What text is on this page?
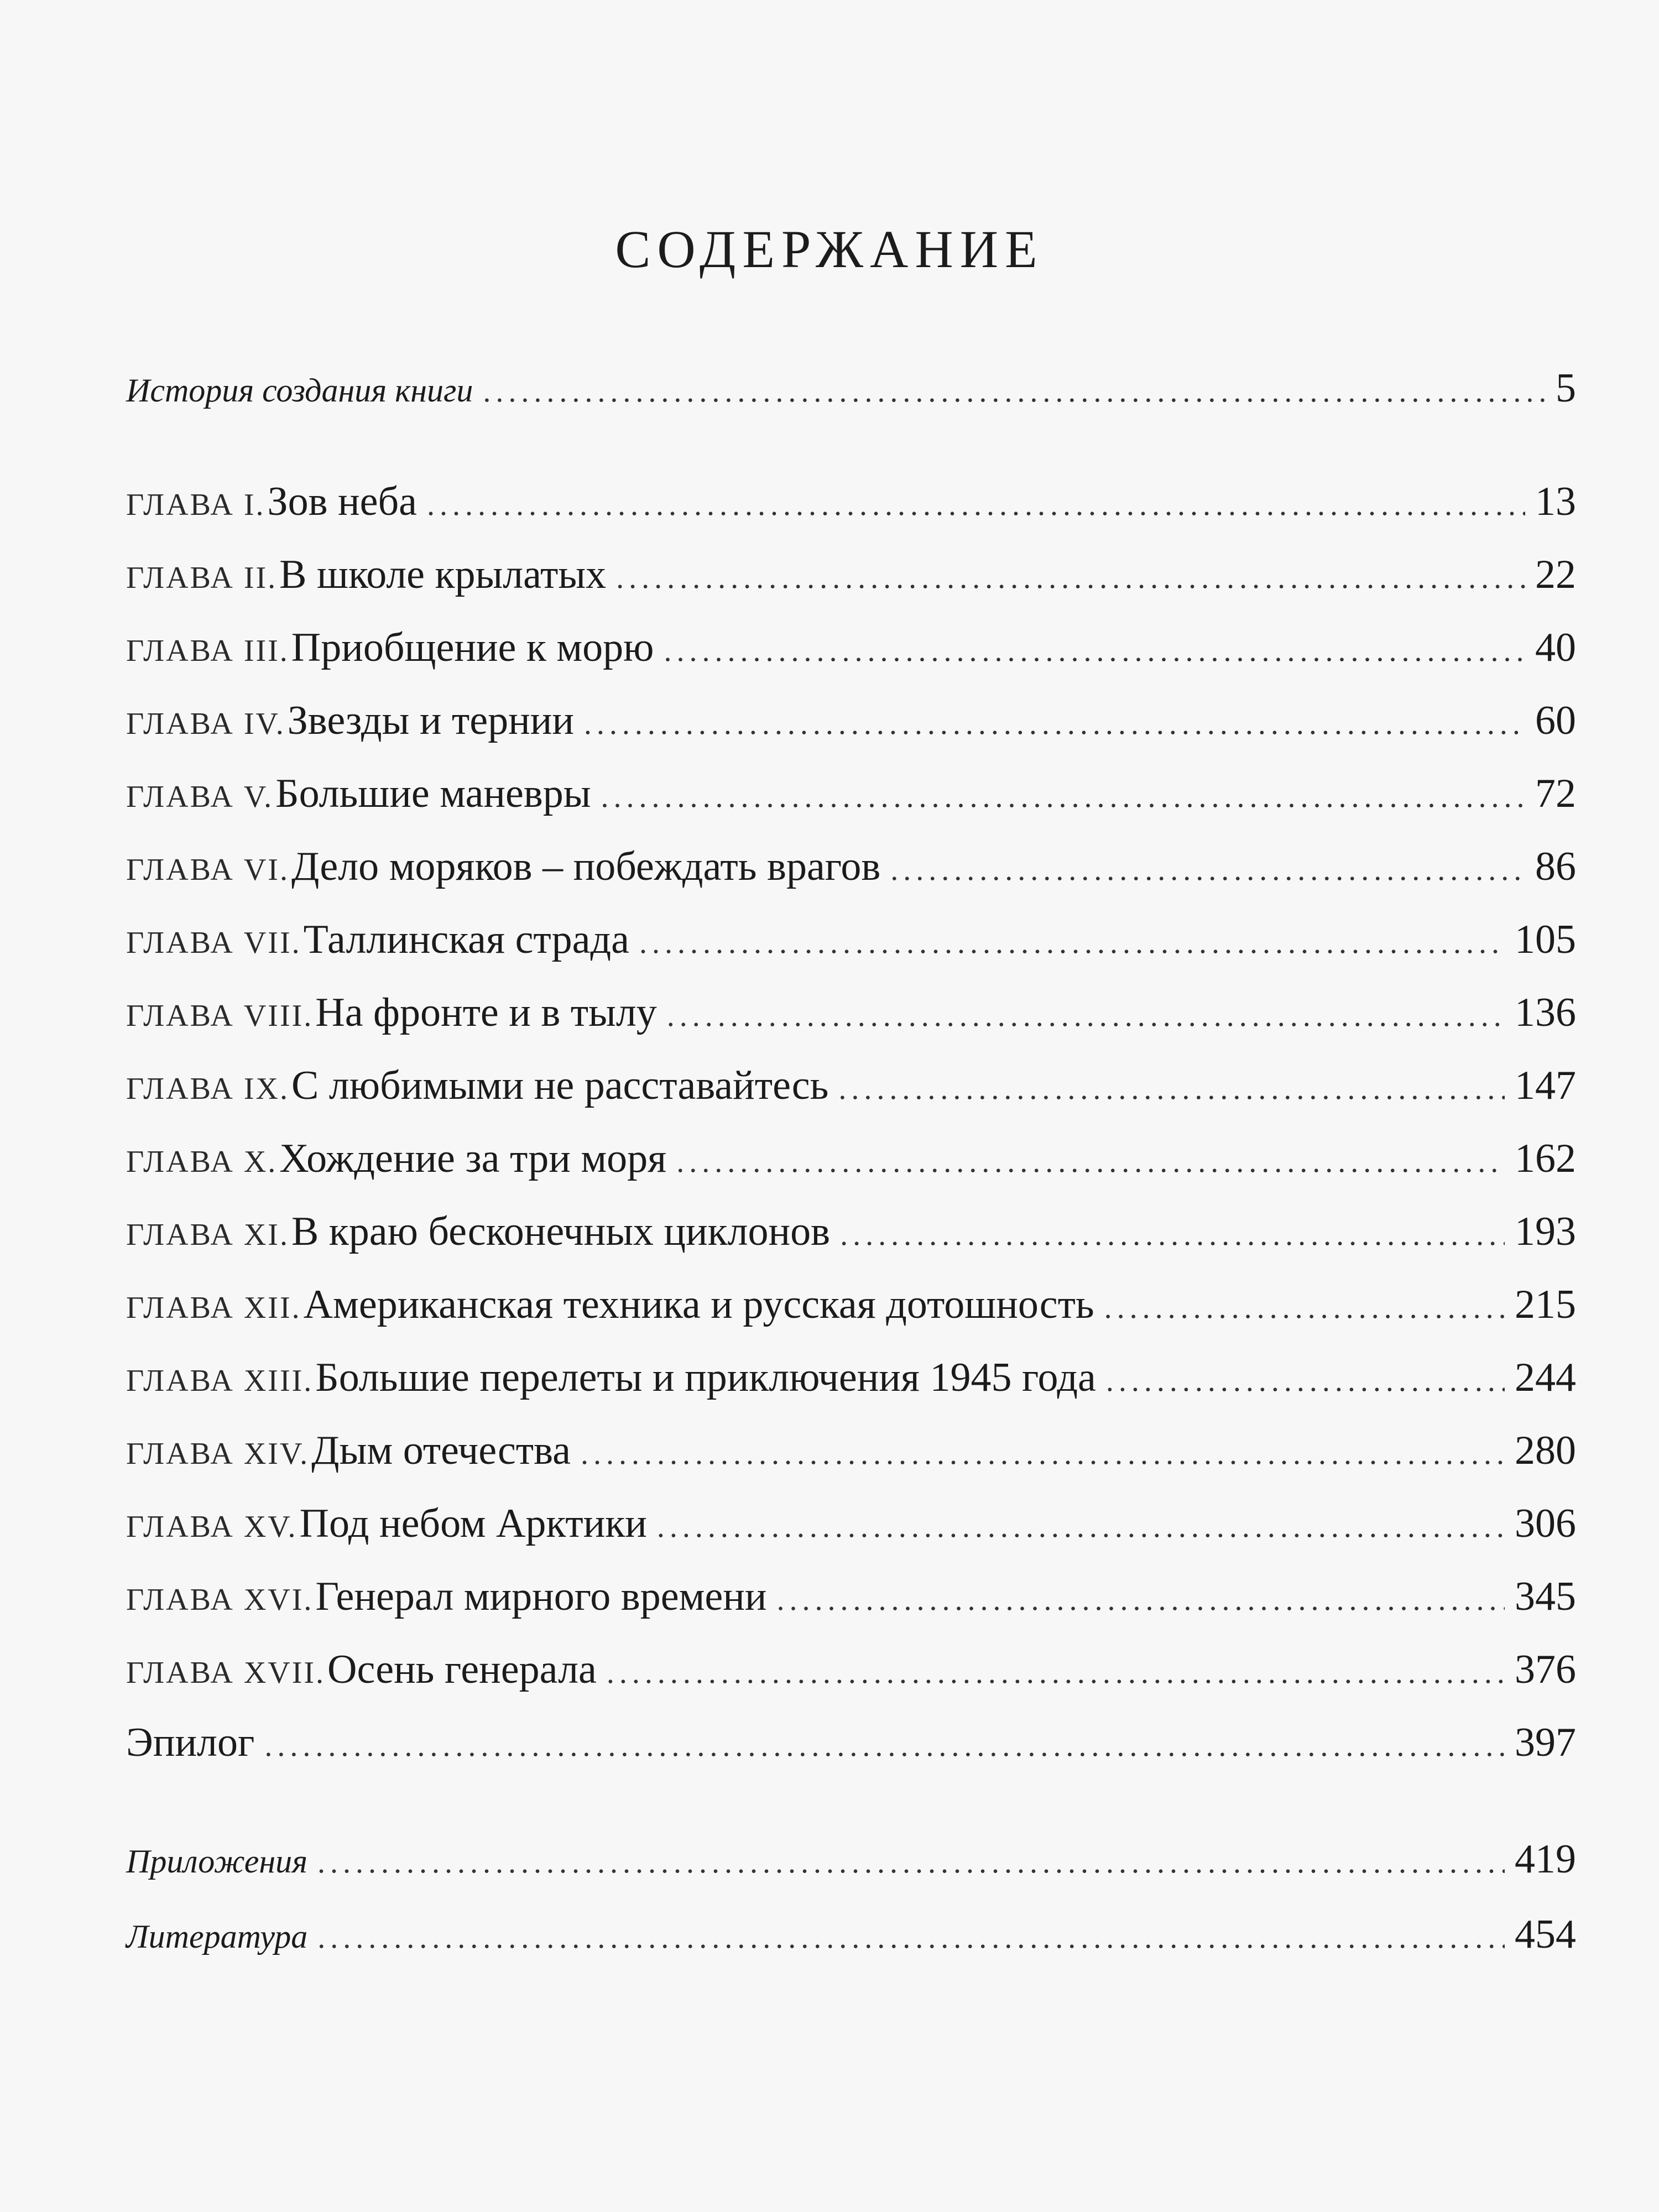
СОДЕРЖАНИЕ
История создания книги .....	5
ГЛАВА I. Зов неба .....	13
ГЛАВА II. В школе крылатых .....	22
ГЛАВА III. Приобщение к морю .....	40
ГЛАВА IV. Звезды и тернии .....	60
ГЛАВА V. Большие маневры .....	72
ГЛАВА VI. Дело моряков – побеждать врагов .....	86
ГЛАВА VII. Таллинская страда .....	105
ГЛАВА VIII. На фронте и в тылу .....	136
ГЛАВА IX. С любимыми не расставайтесь .....	147
ГЛАВА X. Хождение за три моря .....	162
ГЛАВА XI. В краю бесконечных циклонов .....	193
ГЛАВА XII. Американская техника и русская дотошность .....	215
ГЛАВА XIII. Большие перелеты и приключения 1945 года .....	244
ГЛАВА XIV. Дым отечества .....	280
ГЛАВА XV. Под небом Арктики .....	306
ГЛАВА XVI. Генерал мирного времени .....	345
ГЛАВА XVII. Осень генерала .....	376
Эпилог .....	397
Приложения .....	419
Литература .....	454
